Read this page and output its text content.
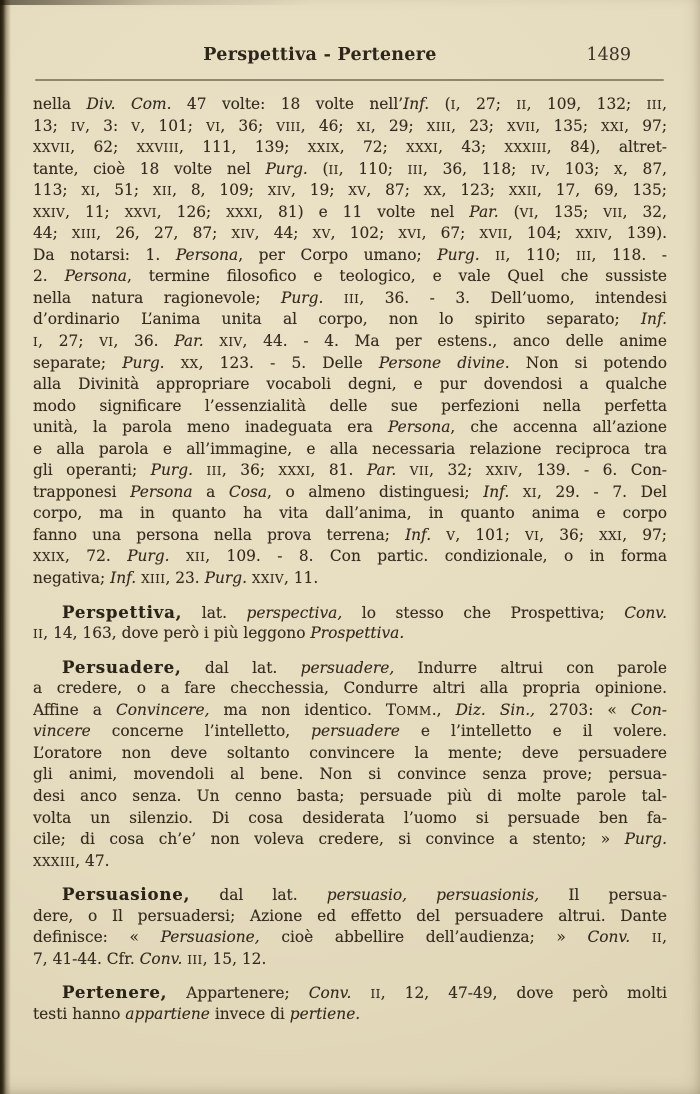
Perspettiva - Pertenere	1489
nella Div. Com. 47 volte: 18 volte nell’Inf. (I, 27; II, 109, 132; III,
13; IV, 3: V, 101; VI, 36; VIII, 46; XI, 29; XIII, 23; XVII, 135; XXI, 97;
XXVII, 62; XXVIII, 111, 139; XXIX, 72; XXXI, 43; XXXIII, 84), altret-
tante, cioè 18 volte nel Purg. (II, 110; III, 36, 118; IV, 103; X, 87,
113; XI, 51; XII, 8, 109; XIV, 19; XV, 87; XX, 123; XXII, 17, 69, 135;
XXIV, 11; XXVI, 126; XXXI, 81) e 11 volte nel Par. (VI, 135; VII, 32,
44; XIII, 26, 27, 87; XIV, 44; XV, 102; XVI, 67; XVII, 104; XXIV, 139).
Da notarsi: 1. Persona, per Corpo umano; Purg. II, 110; III, 118. -
2. Persona, termine filosofico e teologico, e vale Quel che sussiste
nella natura ragionevole; Purg. III, 36. - 3. Dell’uomo, intendesi
d’ordinario L’anima unita al corpo, non lo spirito separato; Inf.
I, 27; VI, 36. Par. XIV, 44. - 4. Ma per estens., anco delle anime
separate; Purg. XX, 123. - 5. Delle Persone divine. Non si potendo
alla Divinità appropriare vocaboli degni, e pur dovendosi a qualche
modo significare l’essenzialità delle sue perfezioni nella perfetta
unità, la parola meno inadeguata era Persona, che accenna all’azione
e alla parola e all’immagine, e alla necessaria relazione reciproca tra
gli operanti; Purg. III, 36; XXXI, 81. Par. VII, 32; XXIV, 139. - 6. Con-
trapponesi Persona a Cosa, o almeno distinguesi; Inf. XI, 29. - 7. Del
corpo, ma in quanto ha vita dall’anima, in quanto anima e corpo
fanno una persona nella prova terrena; Inf. V, 101; VI, 36; XXI, 97;
XXIX, 72. Purg. XII, 109. - 8. Con partic. condizionale, o in forma
negativa; Inf. XIII, 23. Purg. XXIV, 11.
Perspettiva, lat. perspectiva, lo stesso che Prospettiva; Conv.
II, 14, 163, dove però i più leggono Prospettiva.
Persuadere, dal lat. persuadere, Indurre altrui con parole
a credere, o a fare checchessia, Condurre altri alla propria opinione.
Affine a Convincere, ma non identico. TOMM., Diz. Sin., 2703: « Con-
vincere concerne l’intelletto, persuadere e l’intelletto e il volere.
L’oratore non deve soltanto convincere la mente; deve persuadere
gli animi, movendoli al bene. Non si convince senza prove; persua-
desi anco senza. Un cenno basta; persuade più di molte parole tal-
volta un silenzio. Di cosa desiderata l’uomo si persuade ben fa-
cile; di cosa ch’e’ non voleva credere, si convince a stento; » Purg.
XXXIII, 47.
Persuasione, dal lat. persuasio, persuasionis, Il persua-
dere, o Il persuadersi; Azione ed effetto del persuadere altrui. Dante
definisce: « Persuasione, cioè abbellire dell’audienza; » Conv. II,
7, 41-44. Cfr. Conv. III, 15, 12.
Pertenere, Appartenere; Conv. II, 12, 47-49, dove però molti
testi hanno appartiene invece di pertiene.
